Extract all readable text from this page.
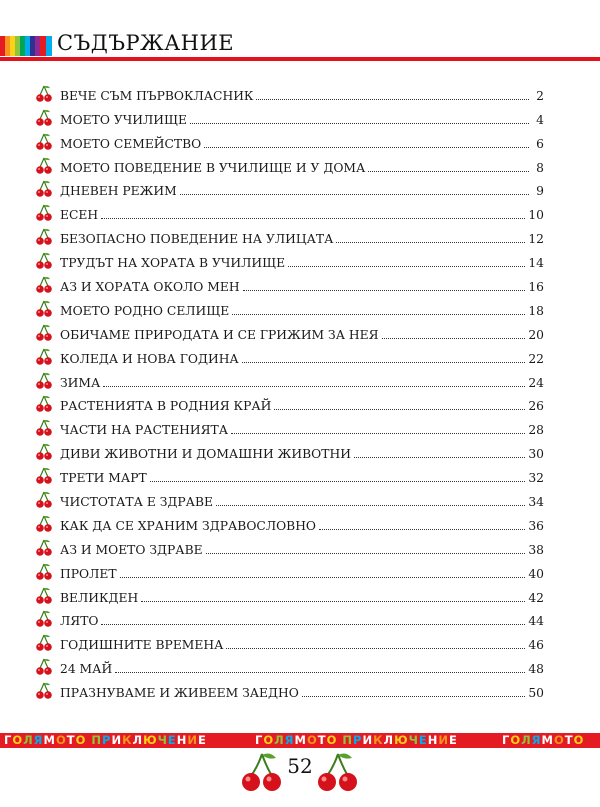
СЪДЪРЖАНИЕ
ВЕЧЕ СЪМ ПЪРВОКЛАСНИК	2
МОЕТО УЧИЛИЩЕ	4
МОЕТО СЕМЕЙСТВО	6
МОЕТО ПОВЕДЕНИЕ В УЧИЛИЩЕ И У ДОМА	8
ДНЕВЕН РЕЖИМ	9
ЕСЕН	10
БЕЗОПАСНО ПОВЕДЕНИЕ НА УЛИЦАТА	12
ТРУДЪТ НА ХОРАТА В УЧИЛИЩЕ	14
АЗ И ХОРАТА ОКОЛО МЕН	16
МОЕТО РОДНО СЕЛИЩЕ	18
ОБИЧАМЕ ПРИРОДАТА И СЕ ГРИЖИМ ЗА НЕЯ	20
КОЛЕДА И НОВА ГОДИНА	22
ЗИМА	24
РАСТЕНИЯТА В РОДНИЯ КРАЙ	26
ЧАСТИ НА РАСТЕНИЯТА	28
ДИВИ ЖИВОТНИ И ДОМАШНИ ЖИВОТНИ	30
ТРЕТИ МАРТ	32
ЧИСТОТАТА Е ЗДРАВЕ	34
КАК ДА СЕ ХРАНИМ ЗДРАВОСЛОВНО	36
АЗ И МОЕТО ЗДРАВЕ	38
ПРОЛЕТ	40
ВЕЛИКДЕН	42
ЛЯТО	44
ГОДИШНИТЕ ВРЕМЕНА	46
24 МАЙ	48
ПРАЗНУВАМЕ И ЖИВЕЕМ ЗАЕДНО	50
ГОЛЯМОТО ПРИКЛЮЧЕНИЕ	ГОЛЯМОТО ПРИКЛЮЧЕНИЕ	ГОЛЯМОТО
52
